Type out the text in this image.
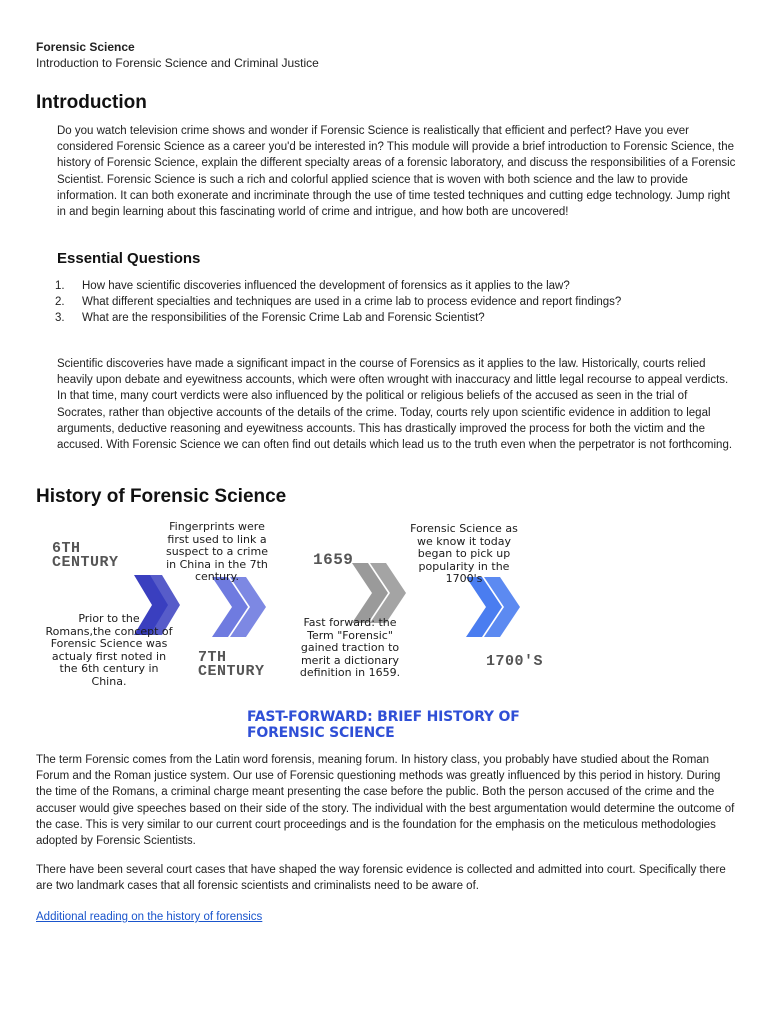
Forensic Science
Introduction to Forensic Science and Criminal Justice
Introduction
Do you watch television crime shows and wonder if Forensic Science is realistically that efficient and perfect? Have you ever considered Forensic Science as a career you'd be interested in? This module will provide a brief introduction to Forensic Science, the history of Forensic Science, explain the different specialty areas of a forensic laboratory, and discuss the responsibilities of a Forensic Scientist. Forensic Science is such a rich and colorful applied science that is woven with both science and the law to provide information. It can both exonerate and incriminate through the use of time tested techniques and cutting edge technology. Jump right in and begin learning about this fascinating world of crime and intrigue, and how both are uncovered!
Essential Questions
1.	How have scientific discoveries influenced the development of forensics as it applies to the law?
2.	What different specialties and techniques are used in a crime lab to process evidence and report findings?
3.	What are the responsibilities of the Forensic Crime Lab and Forensic Scientist?
Scientific discoveries have made a significant impact in the course of Forensics as it applies to the law. Historically, courts relied heavily upon debate and eyewitness accounts, which were often wrought with inaccuracy and little legal recourse to appeal verdicts. In that time, many court verdicts were also influenced by the political or religious beliefs of the accused as seen in the trial of Socrates, rather than objective accounts of the details of the crime. Today, courts rely upon scientific evidence in addition to legal arguments, deductive reasoning and eyewitness accounts. This has drastically improved the process for both the victim and the accused. With Forensic Science we can often find out details which lead us to the truth even when the perpetrator is not forthcoming.
History of Forensic Science
6TH
CENTURY
7TH
CENTURY
1659
1700'S
Prior to the Romans,the concept of Forensic Science was actualy first noted in the 6th century in China.
Fingerprints were first used to link a suspect to a crime in China in the 7th century.
Fast forward: the Term "Forensic" gained traction to merit a dictionary definition in 1659.
Forensic Science as we know it today began to pick up popularity in the 1700's
FAST-FORWARD: BRIEF HISTORY OF FORENSIC SCIENCE
The term Forensic comes from the Latin word forensis, meaning forum. In history class, you probably have studied about the Roman Forum and the Roman justice system. Our use of Forensic questioning methods was greatly influenced by this period in history. During the time of the Romans, a criminal charge meant presenting the case before the public. Both the person accused of the crime and the accuser would give speeches based on their side of the story. The individual with the best argumentation would determine the outcome of the case. This is very similar to our current court proceedings and is the foundation for the emphasis on the meticulous methodologies adopted by Forensic Scientists.
There have been several court cases that have shaped the way forensic evidence is collected and admitted into court. Specifically there are two landmark cases that all forensic scientists and criminalists need to be aware of.
Additional reading on the history of forensics
